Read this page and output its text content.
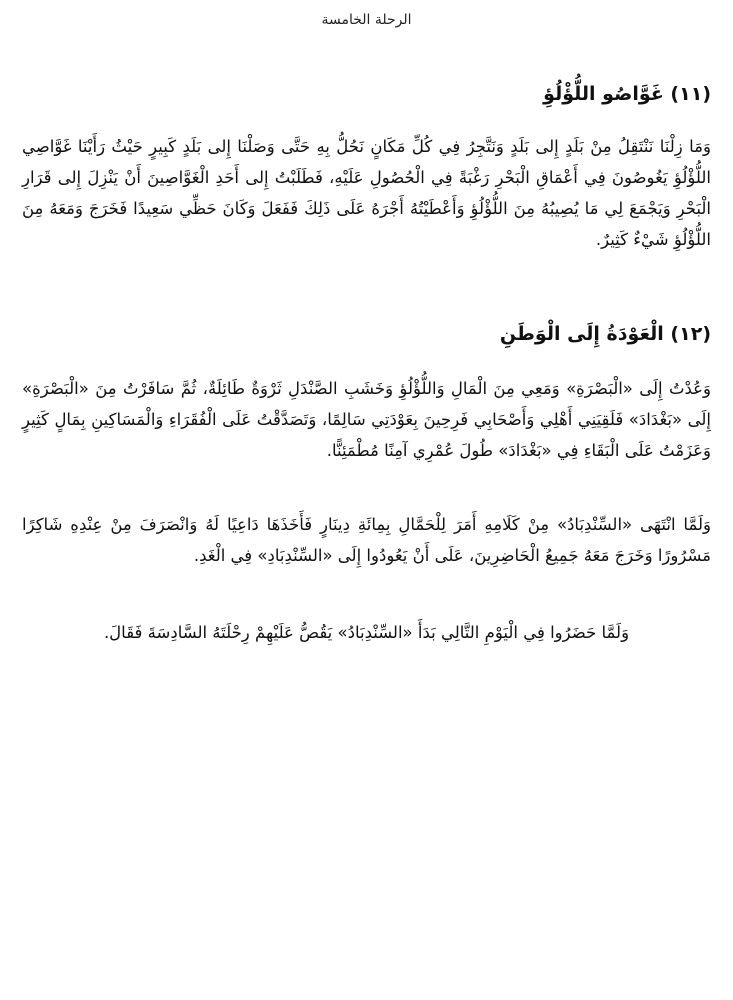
الرحلة الخامسة
(١١) غَوَّاصُو اللُّؤْلُؤِ

وَمَا زِلْنَا نَنْتَقِلُ مِنْ بَلَدٍ إِلى بَلَدٍ وَنَتَّجِرُ فِي كُلِّ مَكَانٍ نَحُلُّ بِهِ حَتَّى وَصَلْنَا إِلى بَلَدٍ كَبِيرٍ حَيْثُ رَأَيْنَا غَوَّاصِي اللُّؤْلُؤِ يَغُوصُونَ فِي أَعْمَاقِ الْبَحْرِ رَغْبَةً فِي الْحُصُولِ عَلَيْهِ، فَطَلَبْتُ إِلى أَحَدِ الْغَوَّاصِينَ أَنْ يَنْزِلَ إِلى قَرَارِ الْبَحْرِ وَيَجْمَعَ لِي مَا يُصِيبُهُ مِنَ اللُّؤْلُؤِ وَأَعْطَيْتُهُ أَجْرَهُ عَلَى ذَلِكَ فَفَعَلَ وَكَانَ حَظِّي سَعِيدًا فَخَرَجَ وَمَعَهُ مِنَ اللُّؤْلُؤِ شَيْءٌ كَثِيرٌ.

(١٢) الْعَوْدَةُ إِلَى الْوَطَنِ

وَعُدْتُ إِلَى «الْبَصْرَةِ» وَمَعِي مِنَ الْمَالِ وَاللُّؤْلُؤِ وَخَشَبِ الصَّنْدَلِ ثَرْوَةٌ طَائِلَةٌ، ثُمَّ سَافَرْتُ مِنَ «الْبَصْرَةِ» إِلَى «بَغْدَادَ» فَلَقِيَنِي أَهْلِي وَأَصْحَابِي فَرِحِينَ بِعَوْدَتِي سَالِمًا، وَتَصَدَّقْتُ عَلَى الْفُقَرَاءِ وَالْمَسَاكِينِ بِمَالٍ كَثِيرٍ وَعَزَمْتُ عَلَى الْبَقَاءِ فِي «بَغْدَادَ» طُولَ عُمْرِي آمِنًا مُطْمَئِنًّا.

وَلَمَّا انْتَهَى «السِّنْدِبَادُ» مِنْ كَلَامِهِ أَمَرَ لِلْحَمَّالِ بِمِائَةِ دِينَارٍ فَأَخَذَهَا دَاعِيًا لَهُ وَانْصَرَفَ مِنْ عِنْدِهِ شَاكِرًا مَسْرُورًا وَخَرَجَ مَعَهُ جَمِيعُ الْحَاضِرِينَ، عَلَى أَنْ يَعُودُوا إِلَى «السِّنْدِبَادِ» فِي الْغَدِ.

وَلَمَّا حَضَرُوا فِي الْيَوْمِ التَّالِي بَدَأَ «السِّنْدِبَادُ» يَقُصُّ عَلَيْهِمْ رِحْلَتَهُ السَّادِسَةَ فَقَالَ.
